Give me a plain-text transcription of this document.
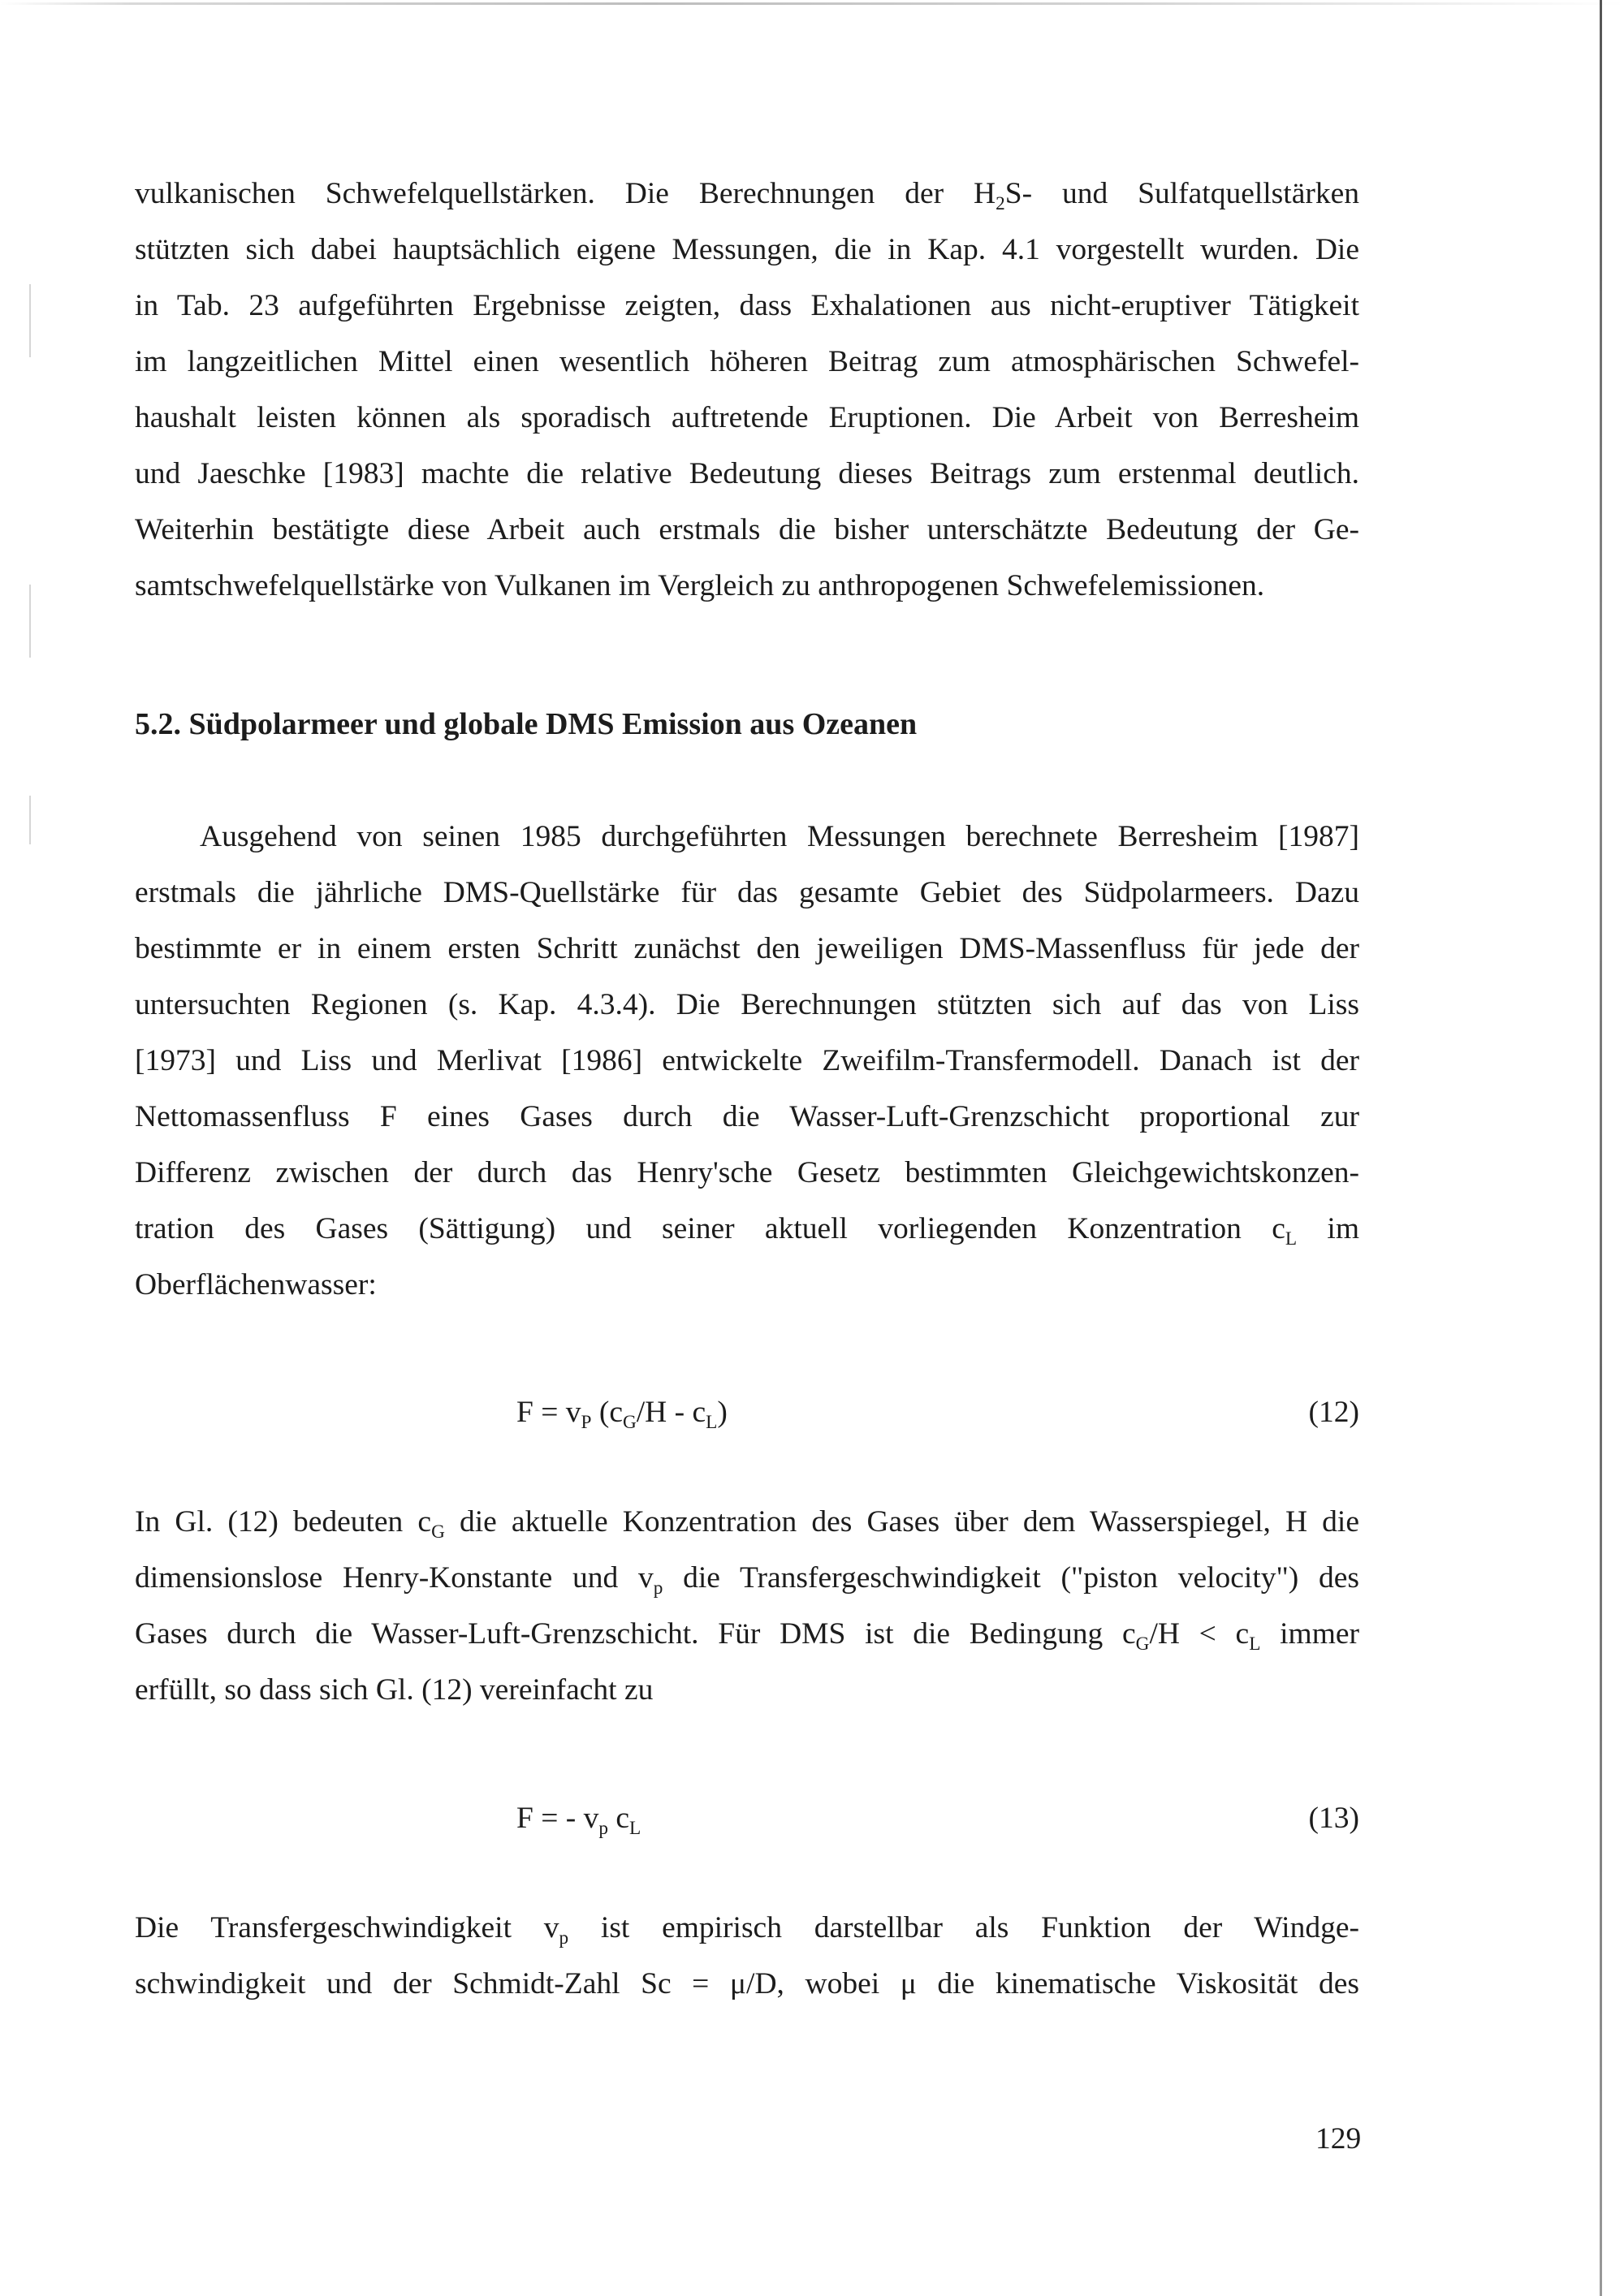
vulkanischen Schwefelquellstärken. Die Berechnungen der $H_2S-$ und Sulfatquellstärken

stützten sich dabei hauptsächlich eigene Messungen, die in Kap. 4.1 vorgestellt wurden. Die

in Tab. 23 aufgeführten Ergebnisse zeigten, dass Exhalationen aus nicht-eruptiver Tätigkeit

im langzeitlichen Mittel einen wesentlich höheren Beitrag zum atmosphärischen Schwefel-

haushalt leisten können als sporadisch auftretende Eruptionen. Die Arbeit von Berresheim

und Jaeschke [1983] machte die relative Bedeutung dieses Beitrags zum erstenmal deutlich.

Weiterhin bestätigte diese Arbeit auch erstmals die bisher unterschätzte Bedeutung der Ge-

samtschwefelquellstärke von Vulkanen im Vergleich zu anthropogenen Schwefelemissionen.

5.2. Südpolarmeer und globale DMS Emission aus Ozeanen

Ausgehend von seinen 1985 durchgeführten Messungen berechnete Berresheim [1987]

erstmals die jährliche DMS-Quellstärke für das gesamte Gebiet des Südpolarmeers. Dazu

bestimmte er in einem ersten Schritt zunächst den jeweiligen DMS-Massenfluss für jede der

untersuchten Regionen (s. Kap. 4.3.4). Die Berechnungen stützten sich auf das von Liss

[1973] und Liss und Merlivat [1986] entwickelte Zweifilm-Transfermodell. Danach ist der

Nettomassenfluss F eines Gases durch die Wasser-Luft-Grenzschicht proportional zur

Differenz zwischen der durch das Henry'sche Gesetz bestimmten Gleichgewichtskonzen-

tration des Gases (Sättigung) und seiner aktuell vorliegenden Konzentration $c_L$ im

Oberflächenwasser:

$F = v_P$ $(c_G/H - c_L)$	(12)

In Gl. (12) bedeuten $c_G$ die aktuelle Konzentration des Gases über dem Wasserspiegel, H die

dimensionslose Henry-Konstante und $v_p$ die Transfergeschwindigkeit ("piston velocity") des

Gases durch die Wasser-Luft-Grenzschicht. Für DMS ist die Bedingung $c_G/H < c_L$ immer

erfüllt, so dass sich Gl. (12) vereinfacht zu

F = - $v_p$ $c_L$	(13)

Die Transfergeschwindigkeit $v_p$ ist empirisch darstellbar als Funktion der Windge-

schwindigkeit und der Schmidt-Zahl Sc = μ/D, wobei μ die kinematische Viskosität des

129
